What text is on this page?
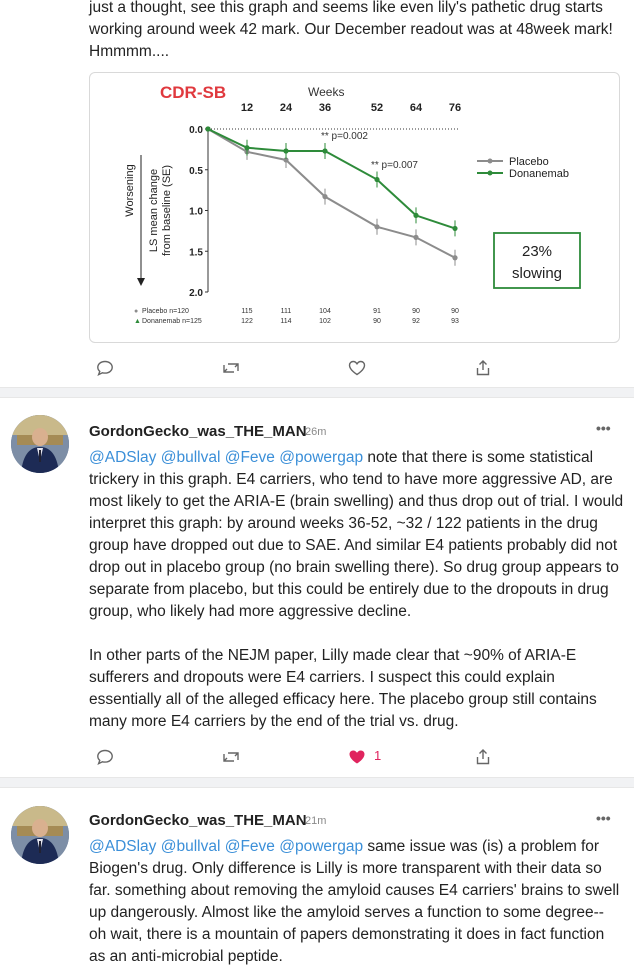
just a thought, see this graph and seems like even lily's pathetic drug starts working around week 42 mark. Our December readout was at 48week mark! Hmmmm....
CDR-SB	Weeks
12 24 36	52 64 76
0.0
0.5
1.0
1.5
2.0
LS mean change from baseline (SE)
Worsening
** p=0.002
** p=0.007	Placebo
Donanemab
23%
slowing
● Placebo n=120	115	111	104	91	90	90
▲ Donanemab n=125	122	114	102	90	92	93
GordonGecko_was_THE_MAN
26m	•••
@ADSlay @bullval @Feve @powergap note that there is some statistical trickery in this graph. E4 carriers, who tend to have more aggressive AD, are most likely to get the ARIA-E (brain swelling) and thus drop out of trial. I would interpret this graph: by around weeks 36-52, ~32 / 122 patients in the drug group have dropped out due to SAE. And similar E4 patients probably did not drop out in placebo group (no brain swelling there). So drug group appears to separate from placebo, but this could be entirely due to the dropouts in drug group, who likely had more aggressive decline.
In other parts of the NEJM paper, Lilly made clear that ~90% of ARIA-E sufferers and dropouts were E4 carriers. I suspect this could explain essentially all of the alleged efficacy here. The placebo group still contains many more E4 carriers by the end of the trial vs. drug.
1
GordonGecko_was_THE_MAN
21m	•••
@ADSlay @bullval @Feve @powergap same issue was (is) a problem for Biogen's drug. Only difference is Lilly is more transparent with their data so far. something about removing the amyloid causes E4 carriers' brains to swell up dangerously. Almost like the amyloid serves a function to some degree-- oh wait, there is a mountain of papers demonstrating it does in fact function as an anti-microbial peptide.
